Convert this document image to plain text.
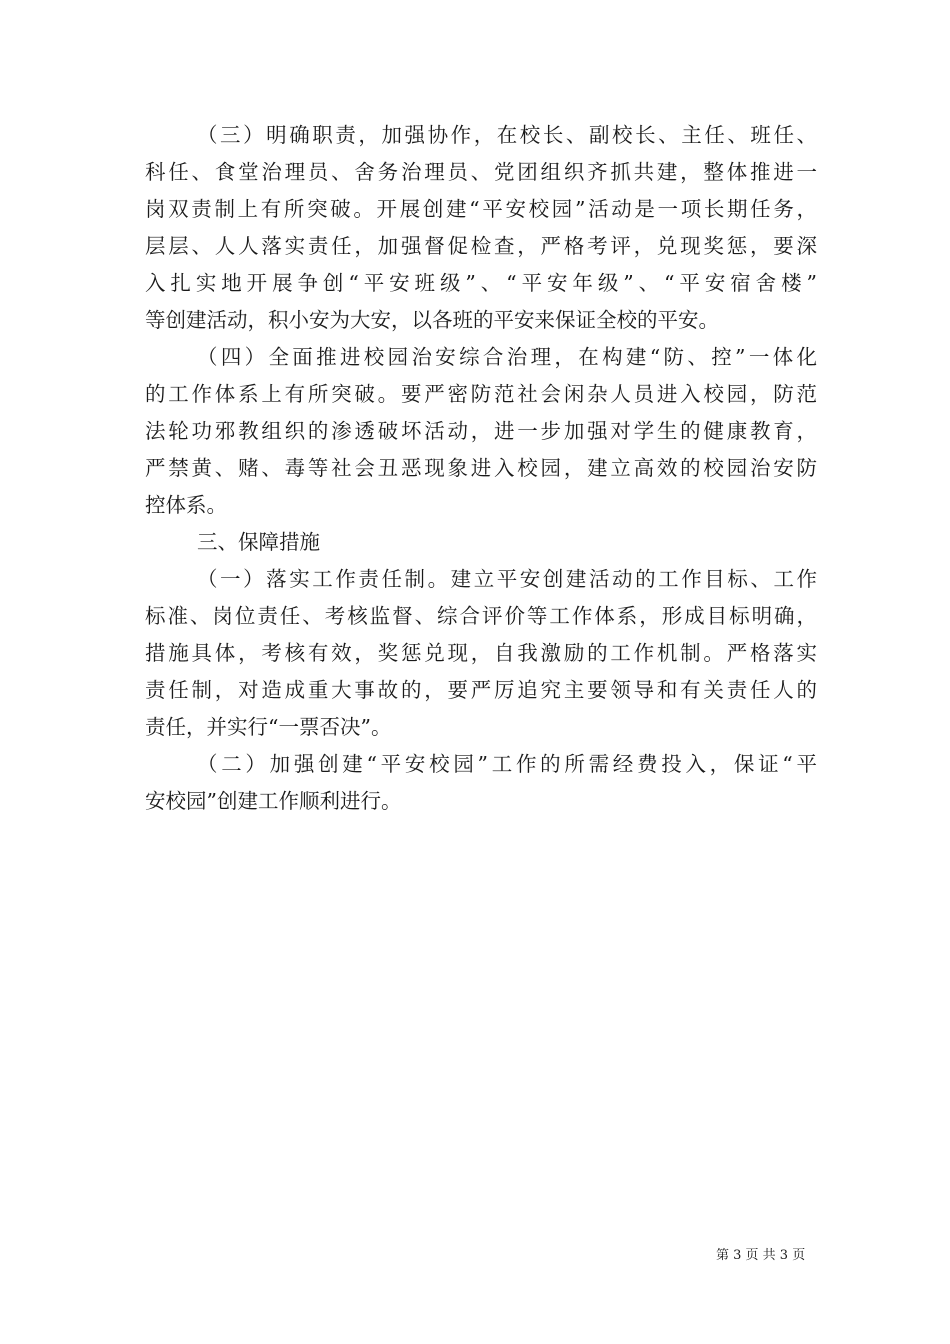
（三）明确职责，加强协作，在校长、副校长、主任、班任、
科任、食堂治理员、舍务治理员、党团组织齐抓共建，整体推进一
岗双责制上有所突破。开展创建“平安校园”活动是一项长期任务，
层层、人人落实责任，加强督促检查，严格考评，兑现奖惩，要深
入扎实地开展争创“平安班级”、“平安年级”、“平安宿舍楼”
等创建活动，积小安为大安，以各班的平安来保证全校的平安。
（四）全面推进校园治安综合治理，在构建“防、控”一体化
的工作体系上有所突破。要严密防范社会闲杂人员进入校园，防范
法轮功邪教组织的渗透破坏活动，进一步加强对学生的健康教育，
严禁黄、赌、毒等社会丑恶现象进入校园，建立高效的校园治安防
控体系。
三、保障措施
（一）落实工作责任制。建立平安创建活动的工作目标、工作
标准、岗位责任、考核监督、综合评价等工作体系，形成目标明确，
措施具体，考核有效，奖惩兑现，自我激励的工作机制。严格落实
责任制，对造成重大事故的，要严厉追究主要领导和有关责任人的
责任，并实行“一票否决”。
（二）加强创建“平安校园”工作的所需经费投入，保证“平
安校园”创建工作顺利进行。
第 3 页 共 3 页
